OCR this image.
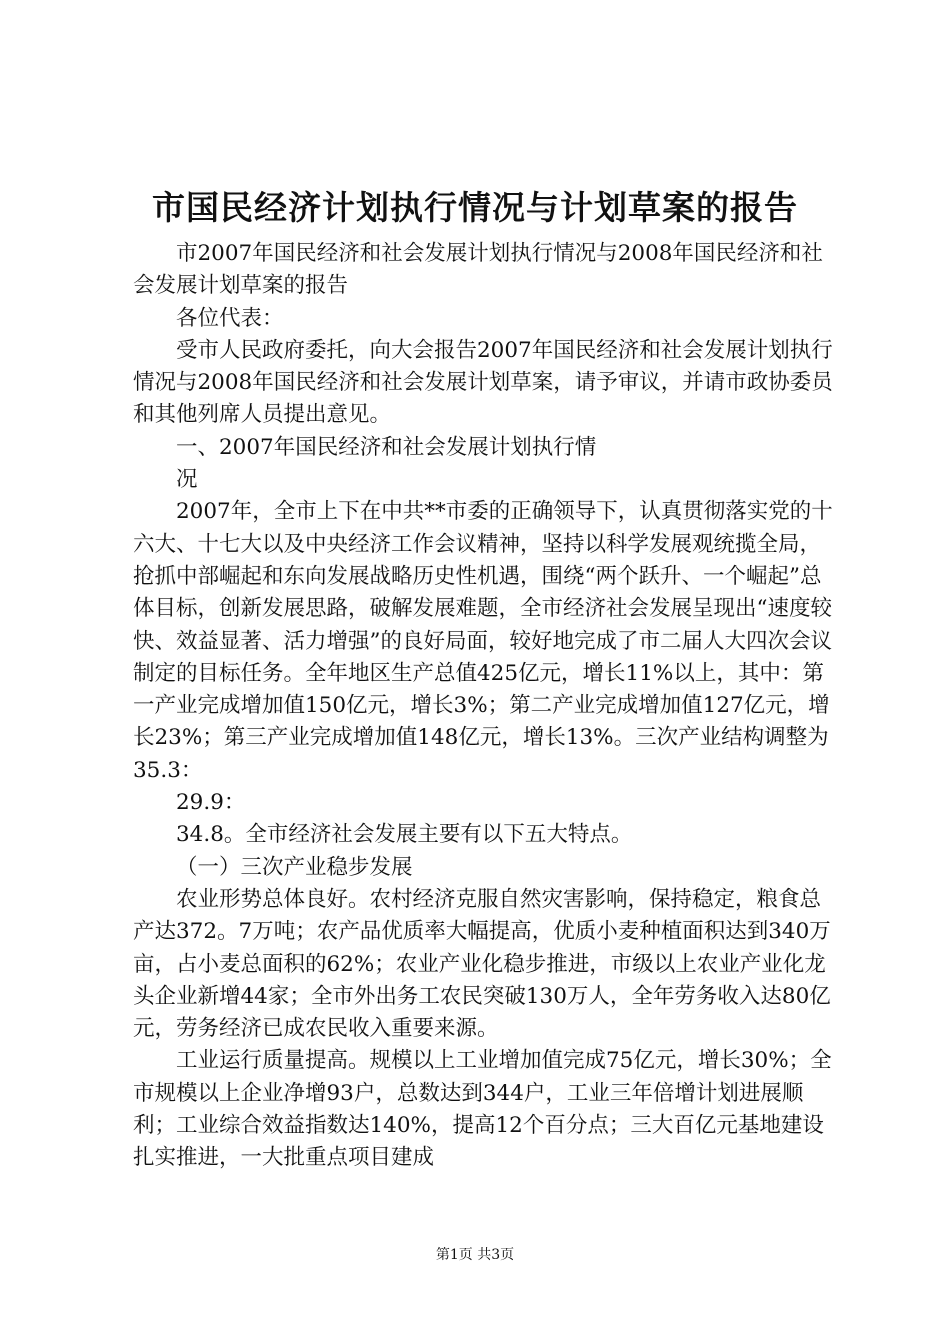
市国民经济计划执行情况与计划草案的报告

市2007年国民经济和社会发展计划执行情况与2008年国民经济和社会发展计划草案的报告

各位代表：

受市人民政府委托，向大会报告2007年国民经济和社会发展计划执行情况与2008年国民经济和社会发展计划草案，请予审议，并请市政协委员和其他列席人员提出意见。

一、2007年国民经济和社会发展计划执行情

况

2007年，全市上下在中共**市委的正确领导下，认真贯彻落实党的十六大、十七大以及中央经济工作会议精神，坚持以科学发展观统揽全局，抢抓中部崛起和东向发展战略历史性机遇，围绕“两个跃升、一个崛起”总体目标，创新发展思路，破解发展难题，全市经济社会发展呈现出“速度较快、效益显著、活力增强”的良好局面，较好地完成了市二届人大四次会议制定的目标任务。全年地区生产总值425亿元，增长11%以上，其中：第一产业完成增加值150亿元，增长3%；第二产业完成增加值127亿元，增长23%；第三产业完成增加值148亿元，增长13%。三次产业结构调整为35.3：

29.9：

34.8。全市经济社会发展主要有以下五大特点。

（一）三次产业稳步发展

农业形势总体良好。农村经济克服自然灾害影响，保持稳定，粮食总产达372。7万吨；农产品优质率大幅提高，优质小麦种植面积达到340万亩，占小麦总面积的62%；农业产业化稳步推进，市级以上农业产业化龙头企业新增44家；全市外出务工农民突破130万人，全年劳务收入达80亿元，劳务经济已成农民收入重要来源。

工业运行质量提高。规模以上工业增加值完成75亿元，增长30%；全市规模以上企业净增93户，总数达到344户，工业三年倍增计划进展顺利；工业综合效益指数达140%，提高12个百分点；三大百亿元基地建设扎实推进，一大批重点项目建成

第1页 共3页
